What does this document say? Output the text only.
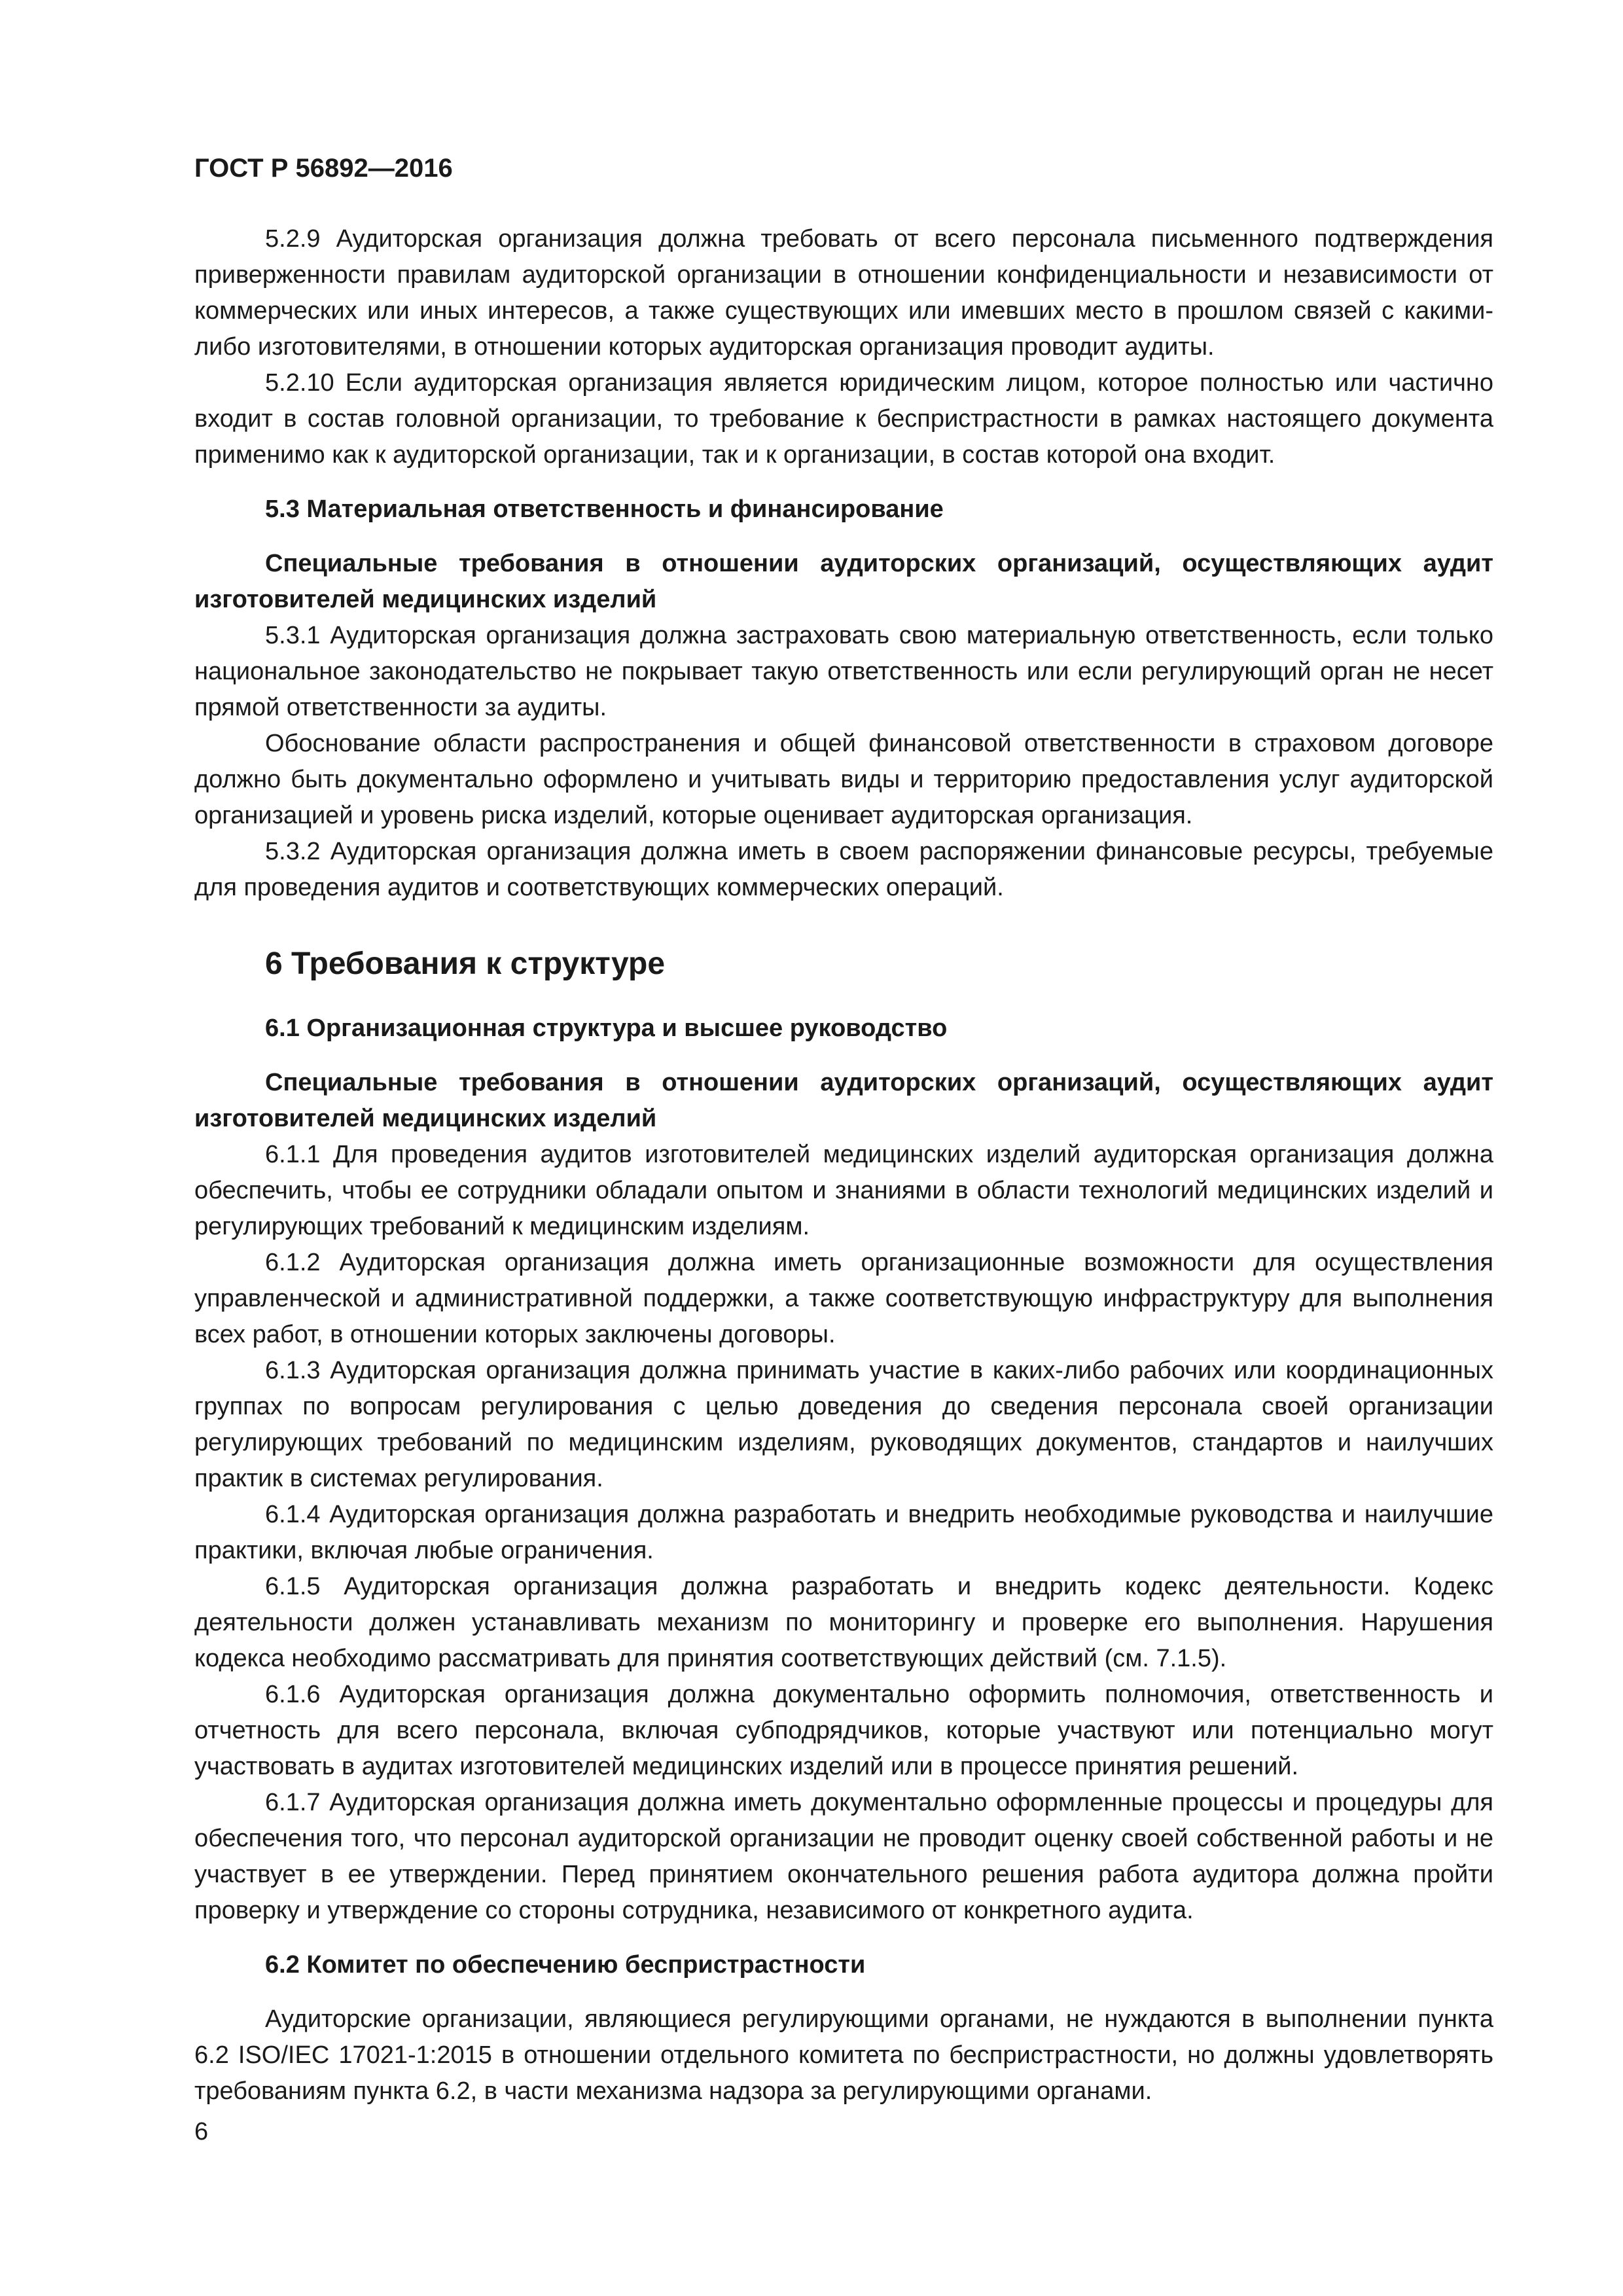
ГОСТ Р 56892—2016

5.2.9 Аудиторская организация должна требовать от всего персонала письменного подтверждения приверженности правилам аудиторской организации в отношении конфиденциальности и независимости от коммерческих или иных интересов, а также существующих или имевших место в прошлом связей с какими-либо изготовителями, в отношении которых аудиторская организация проводит аудиты.

5.2.10 Если аудиторская организация является юридическим лицом, которое полностью или частично входит в состав головной организации, то требование к беспристрастности в рамках настоящего документа применимо как к аудиторской организации, так и к организации, в состав которой она входит.

5.3 Материальная ответственность и финансирование

Специальные требования в отношении аудиторских организаций, осуществляющих аудит изготовителей медицинских изделий

5.3.1 Аудиторская организация должна застраховать свою материальную ответственность, если только национальное законодательство не покрывает такую ответственность или если регулирующий орган не несет прямой ответственности за аудиты.

Обоснование области распространения и общей финансовой ответственности в страховом договоре должно быть документально оформлено и учитывать виды и территорию предоставления услуг аудиторской организацией и уровень риска изделий, которые оценивает аудиторская организация.

5.3.2 Аудиторская организация должна иметь в своем распоряжении финансовые ресурсы, требуемые для проведения аудитов и соответствующих коммерческих операций.

6 Требования к структуре

6.1 Организационная структура и высшее руководство

Специальные требования в отношении аудиторских организаций, осуществляющих аудит изготовителей медицинских изделий

6.1.1 Для проведения аудитов изготовителей медицинских изделий аудиторская организация должна обеспечить, чтобы ее сотрудники обладали опытом и знаниями в области технологий медицинских изделий и регулирующих требований к медицинским изделиям.

6.1.2 Аудиторская организация должна иметь организационные возможности для осуществления управленческой и административной поддержки, а также соответствующую инфраструктуру для выполнения всех работ, в отношении которых заключены договоры.

6.1.3 Аудиторская организация должна принимать участие в каких-либо рабочих или координационных группах по вопросам регулирования с целью доведения до сведения персонала своей организации регулирующих требований по медицинским изделиям, руководящих документов, стандартов и наилучших практик в системах регулирования.

6.1.4 Аудиторская организация должна разработать и внедрить необходимые руководства и наилучшие практики, включая любые ограничения.

6.1.5 Аудиторская организация должна разработать и внедрить кодекс деятельности. Кодекс деятельности должен устанавливать механизм по мониторингу и проверке его выполнения. Нарушения кодекса необходимо рассматривать для принятия соответствующих действий (см. 7.1.5).

6.1.6 Аудиторская организация должна документально оформить полномочия, ответственность и отчетность для всего персонала, включая субподрядчиков, которые участвуют или потенциально могут участвовать в аудитах изготовителей медицинских изделий или в процессе принятия решений.

6.1.7 Аудиторская организация должна иметь документально оформленные процессы и процедуры для обеспечения того, что персонал аудиторской организации не проводит оценку своей собственной работы и не участвует в ее утверждении. Перед принятием окончательного решения работа аудитора должна пройти проверку и утверждение со стороны сотрудника, независимого от конкретного аудита.

6.2 Комитет по обеспечению беспристрастности

Аудиторские организации, являющиеся регулирующими органами, не нуждаются в выполнении пункта 6.2 ISO/IEC 17021-1:2015 в отношении отдельного комитета по беспристрастности, но должны удовлетворять требованиям пункта 6.2, в части механизма надзора за регулирующими органами.

6
